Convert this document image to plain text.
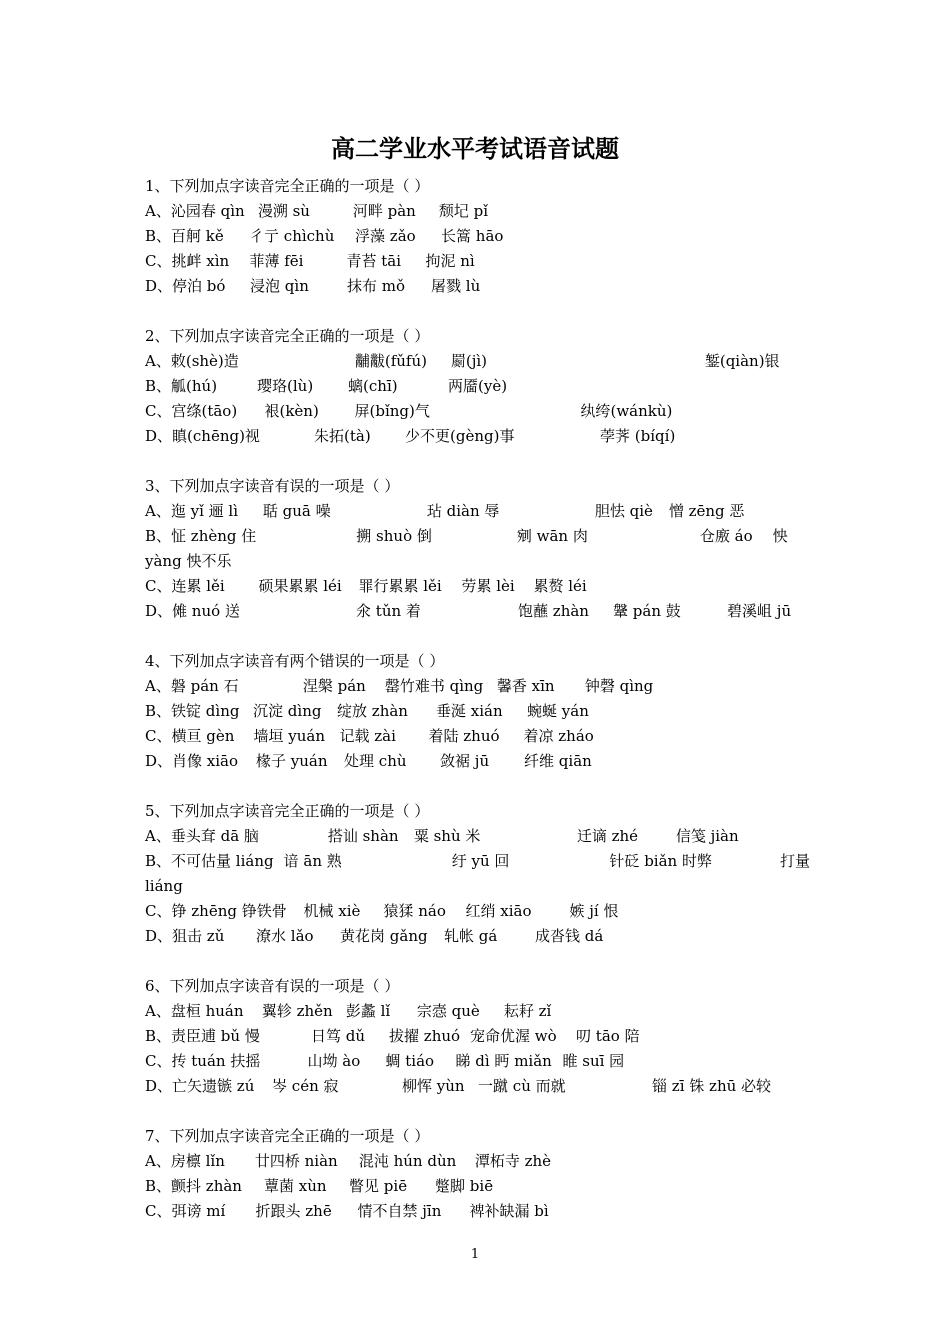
高二学业水平考试语音试题
1、下列加点字读音完全正确的一项是（ ）
A、 沁园春 qìn 漫溯 sù	河畔 pàn	颓圮 pǐ
B、 百舸 kě	彳亍 chìchù	浮藻 zǎo	长篙 hāo
C、 挑衅 xìn	菲薄 fēi	青苔 tāi	拘泥 nì
D、 停泊 bó	浸泡 qìn	抹布 mǒ	屠戮 lù
2、下列加点字读音完全正确的一项是（ ）
A、 敕(shè)造	黼黻(fǔfú)	罽(jì)	錾(qiàn)银
B、 觚(hú)	璎珞(lù)	螭(chī)	两靥(yè)
C、 宫绦(tāo)	裉(kèn)	屏(bǐng)气	纨绔(wánkù)
D、 瞋(chēng)视	朱拓(tà)	少不更(gèng)事	荸荠 (bíqí)
3、下列加点字读音有误的一项是（ ）
A、 迤 yǐ 逦 lì	聒 guā 噪	玷 diàn 辱	胆怯 qiè	憎 zēng 恶
B、怔 zhèng 住	搠 shuò 倒	剜 wān 肉	仓廒 áo 怏 yàng 怏不乐
C、 连累 lěi	硕果累累 léi	罪行累累 lěi	劳累 lèi	累赘 léi
D、 傩 nuó 送	氽 tǔn 着	饱蘸 zhàn	鞶 pán 鼓	碧溪岨 jū
4、下列加点字读音有两个错误的一项是（ ）
A、 磐 pán 石	涅槃 pán	罄竹难书 qìng 馨香 xīn	钟磬 qìng
B、 铁锭 dìng 沉淀 dìng	绽放 zhàn	垂涎 xián	蜿蜒 yán
C、 横亘 gèn	墙垣 yuán 记载 zài	着陆 zhuó	着凉 zháo
D、 肖像 xiāo	椽子 yuán	处理 chù	敛裾 jū	纤维 qiān
5、下列加点字读音完全正确的一项是（ ）
A、 垂头耷 dā 脑	搭讪 shàn	粟 shù 米	迁谪 zhé	信笺 jiàn
B、不可估量 liáng 谙 ān 熟	纡 yū 回	针砭 biǎn 时弊	打量 liáng
C、 铮 zhēng 铮铁骨	机械 xiè	猿猱 náo	红绡 xiāo	嫉 jí 恨
D、 狙击 zǔ	潦水 lǎo	黄花岗 gǎng	轧帐 gá	成沓钱 dá
6、下列加点字读音有误的一项是（ ）
A、 盘桓 huán	翼轸 zhěn 彭蠡 lǐ	宗悫 què	耘耔 zǐ
B、 责臣逋 bǔ 慢	日笃 dǔ	拔擢 zhuó 宠命优渥 wò	叨 tāo 陪
C、 抟 tuán 扶摇	山坳 ào	蜩 tiáo	睇 dì 眄 miǎn 睢 suī 园
D、 亡矢遗镞 zú	岑 cén 寂	柳恽 yùn 一蹴 cù 而就	锱 zī 铢 zhū 必较
7、下列加点字读音完全正确的一项是（ ）
A、 房檩 lǐn	廿四桥 niàn	混沌 hún dùn	潭柘寺 zhè
B、 颤抖 zhàn	蕈菌 xùn	瞥见 piē	蹩脚 biē
C、 弭谤 mí	折跟头 zhē	情不自禁 jīn	裨补缺漏 bì
1
